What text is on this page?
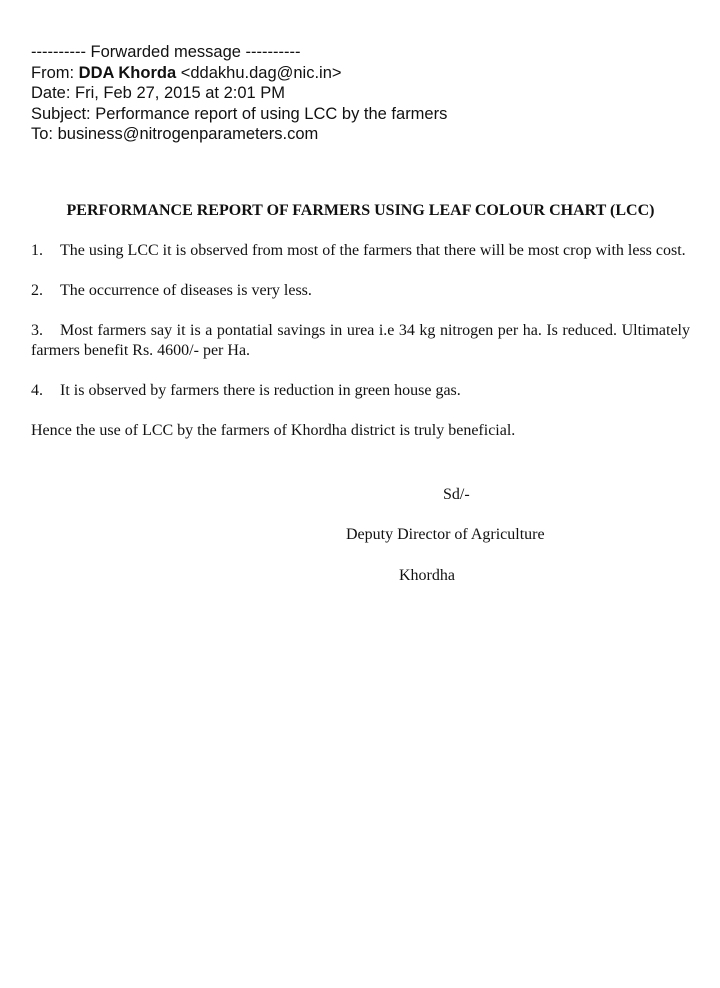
---------- Forwarded message ----------
From: DDA Khorda <ddakhu.dag@nic.in>
Date: Fri, Feb 27, 2015 at 2:01 PM
Subject: Performance report of using LCC by the farmers
To: business@nitrogenparameters.com
PERFORMANCE REPORT OF FARMERS USING LEAF COLOUR CHART (LCC)
1. The using LCC it is observed from most of the farmers that there will be most crop with less cost.
2. The occurrence of diseases is very less.
3. Most farmers say it is a pontatial savings in urea i.e 34 kg nitrogen per ha. Is reduced. Ultimately farmers benefit Rs. 4600/- per Ha.
4. It is observed by farmers there is reduction in green house gas.
Hence the use of LCC by the farmers of Khordha district is truly beneficial.
Sd/-
Deputy Director of Agriculture
Khordha
